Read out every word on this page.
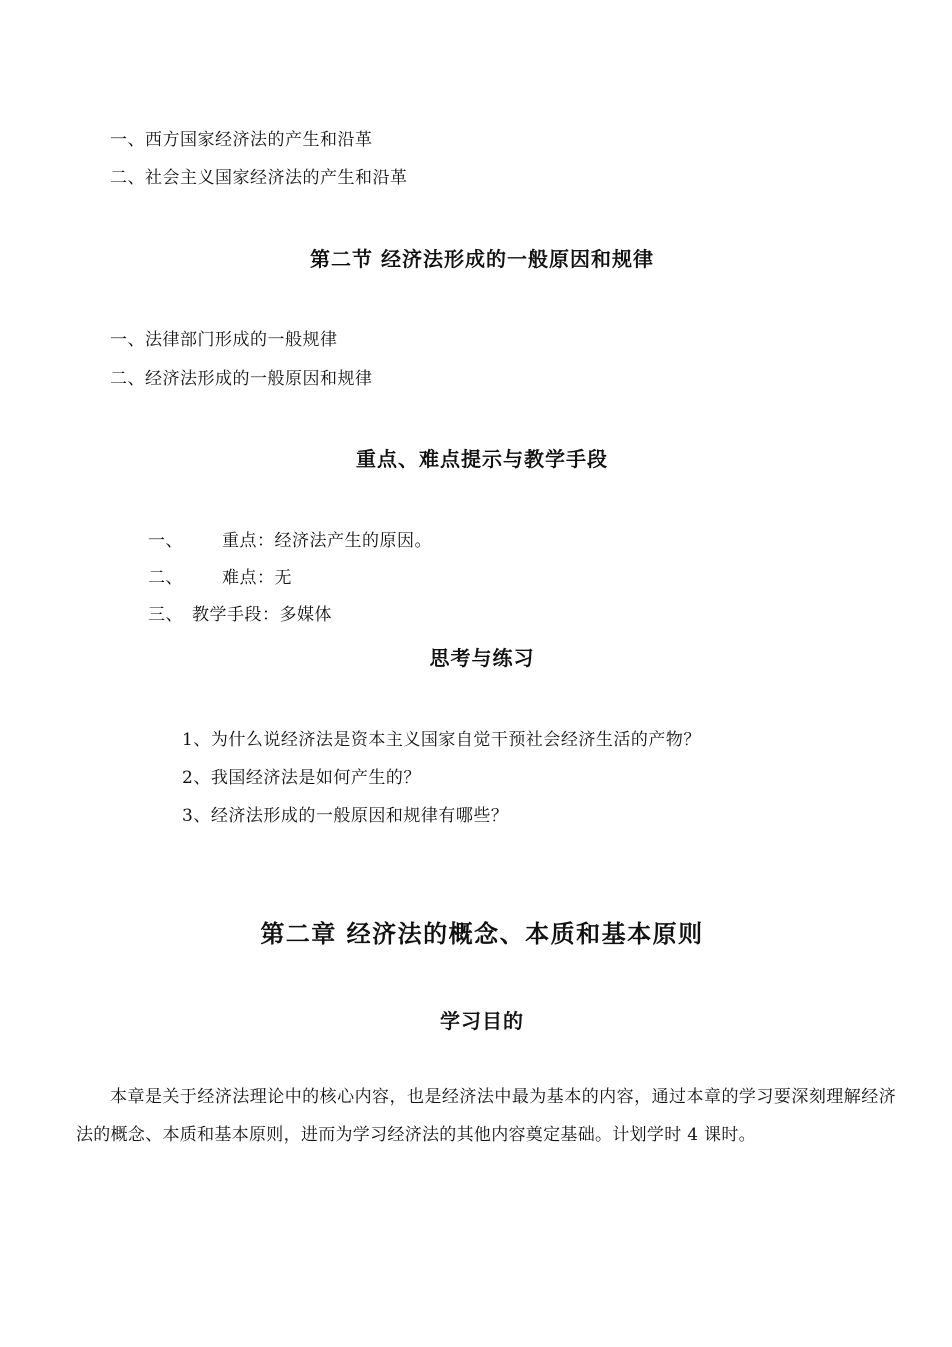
一、西方国家经济法的产生和沿革
二、社会主义国家经济法的产生和沿革
第二节 经济法形成的一般原因和规律
一、法律部门形成的一般规律
二、经济法形成的一般原因和规律
重点、难点提示与教学手段
一、 重点：经济法产生的原因。
二、 难点：无
三、 教学手段：多媒体
思考与练习
1、为什么说经济法是资本主义国家自觉干预社会经济生活的产物？
2、我国经济法是如何产生的？
3、经济法形成的一般原因和规律有哪些？
第二章 经济法的概念、本质和基本原则
学习目的
本章是关于经济法理论中的核心内容，也是经济法中最为基本的内容，通过本章的学习要深刻理解经济法的概念、本质和基本原则，进而为学习经济法的其他内容奠定基础。计划学时 4 课时。
